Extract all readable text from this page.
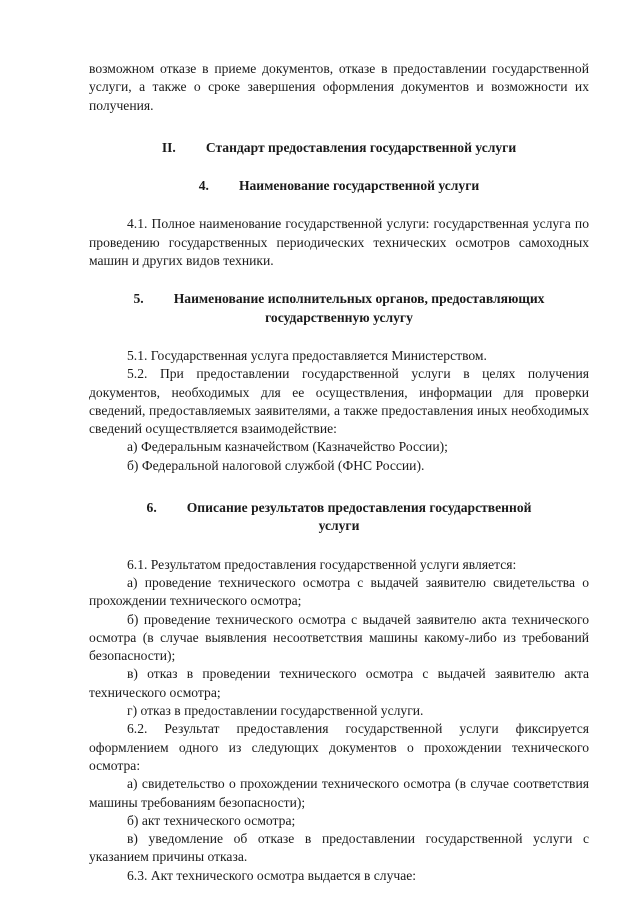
возможном отказе в приеме документов, отказе в предоставлении государственной услуги, а также о сроке завершения оформления документов и возможности их получения.

II. Стандарт предоставления государственной услуги

4. Наименование государственной услуги

4.1. Полное наименование государственной услуги: государственная услуга по проведению государственных периодических технических осмотров самоходных машин и других видов техники.

5. Наименование исполнительных органов, предоставляющих

государственную услугу

5.1. Государственная услуга предоставляется Министерством.

5.2. При предоставлении государственной услуги в целях получения документов, необходимых для ее осуществления, информации для проверки сведений, предоставляемых заявителями, а также предоставления иных необходимых сведений осуществляется взаимодействие:

а) Федеральным казначейством (Казначейство России);

б) Федеральной налоговой службой (ФНС России).

6. Описание результатов предоставления государственной

услуги

6.1. Результатом предоставления государственной услуги является:

а) проведение технического осмотра с выдачей заявителю свидетельства о прохождении технического осмотра;

б) проведение технического осмотра с выдачей заявителю акта технического осмотра (в случае выявления несоответствия машины какому-либо из требований безопасности);

в) отказ в проведении технического осмотра с выдачей заявителю акта технического осмотра;

г) отказ в предоставлении государственной услуги.

6.2. Результат предоставления государственной услуги фиксируется оформлением одного из следующих документов о прохождении технического осмотра:

а) свидетельство о прохождении технического осмотра (в случае соответствия машины требованиям безопасности);

б) акт технического осмотра;

в) уведомление об отказе в предоставлении государственной услуги с указанием причины отказа.

6.3. Акт технического осмотра выдается в случае:
